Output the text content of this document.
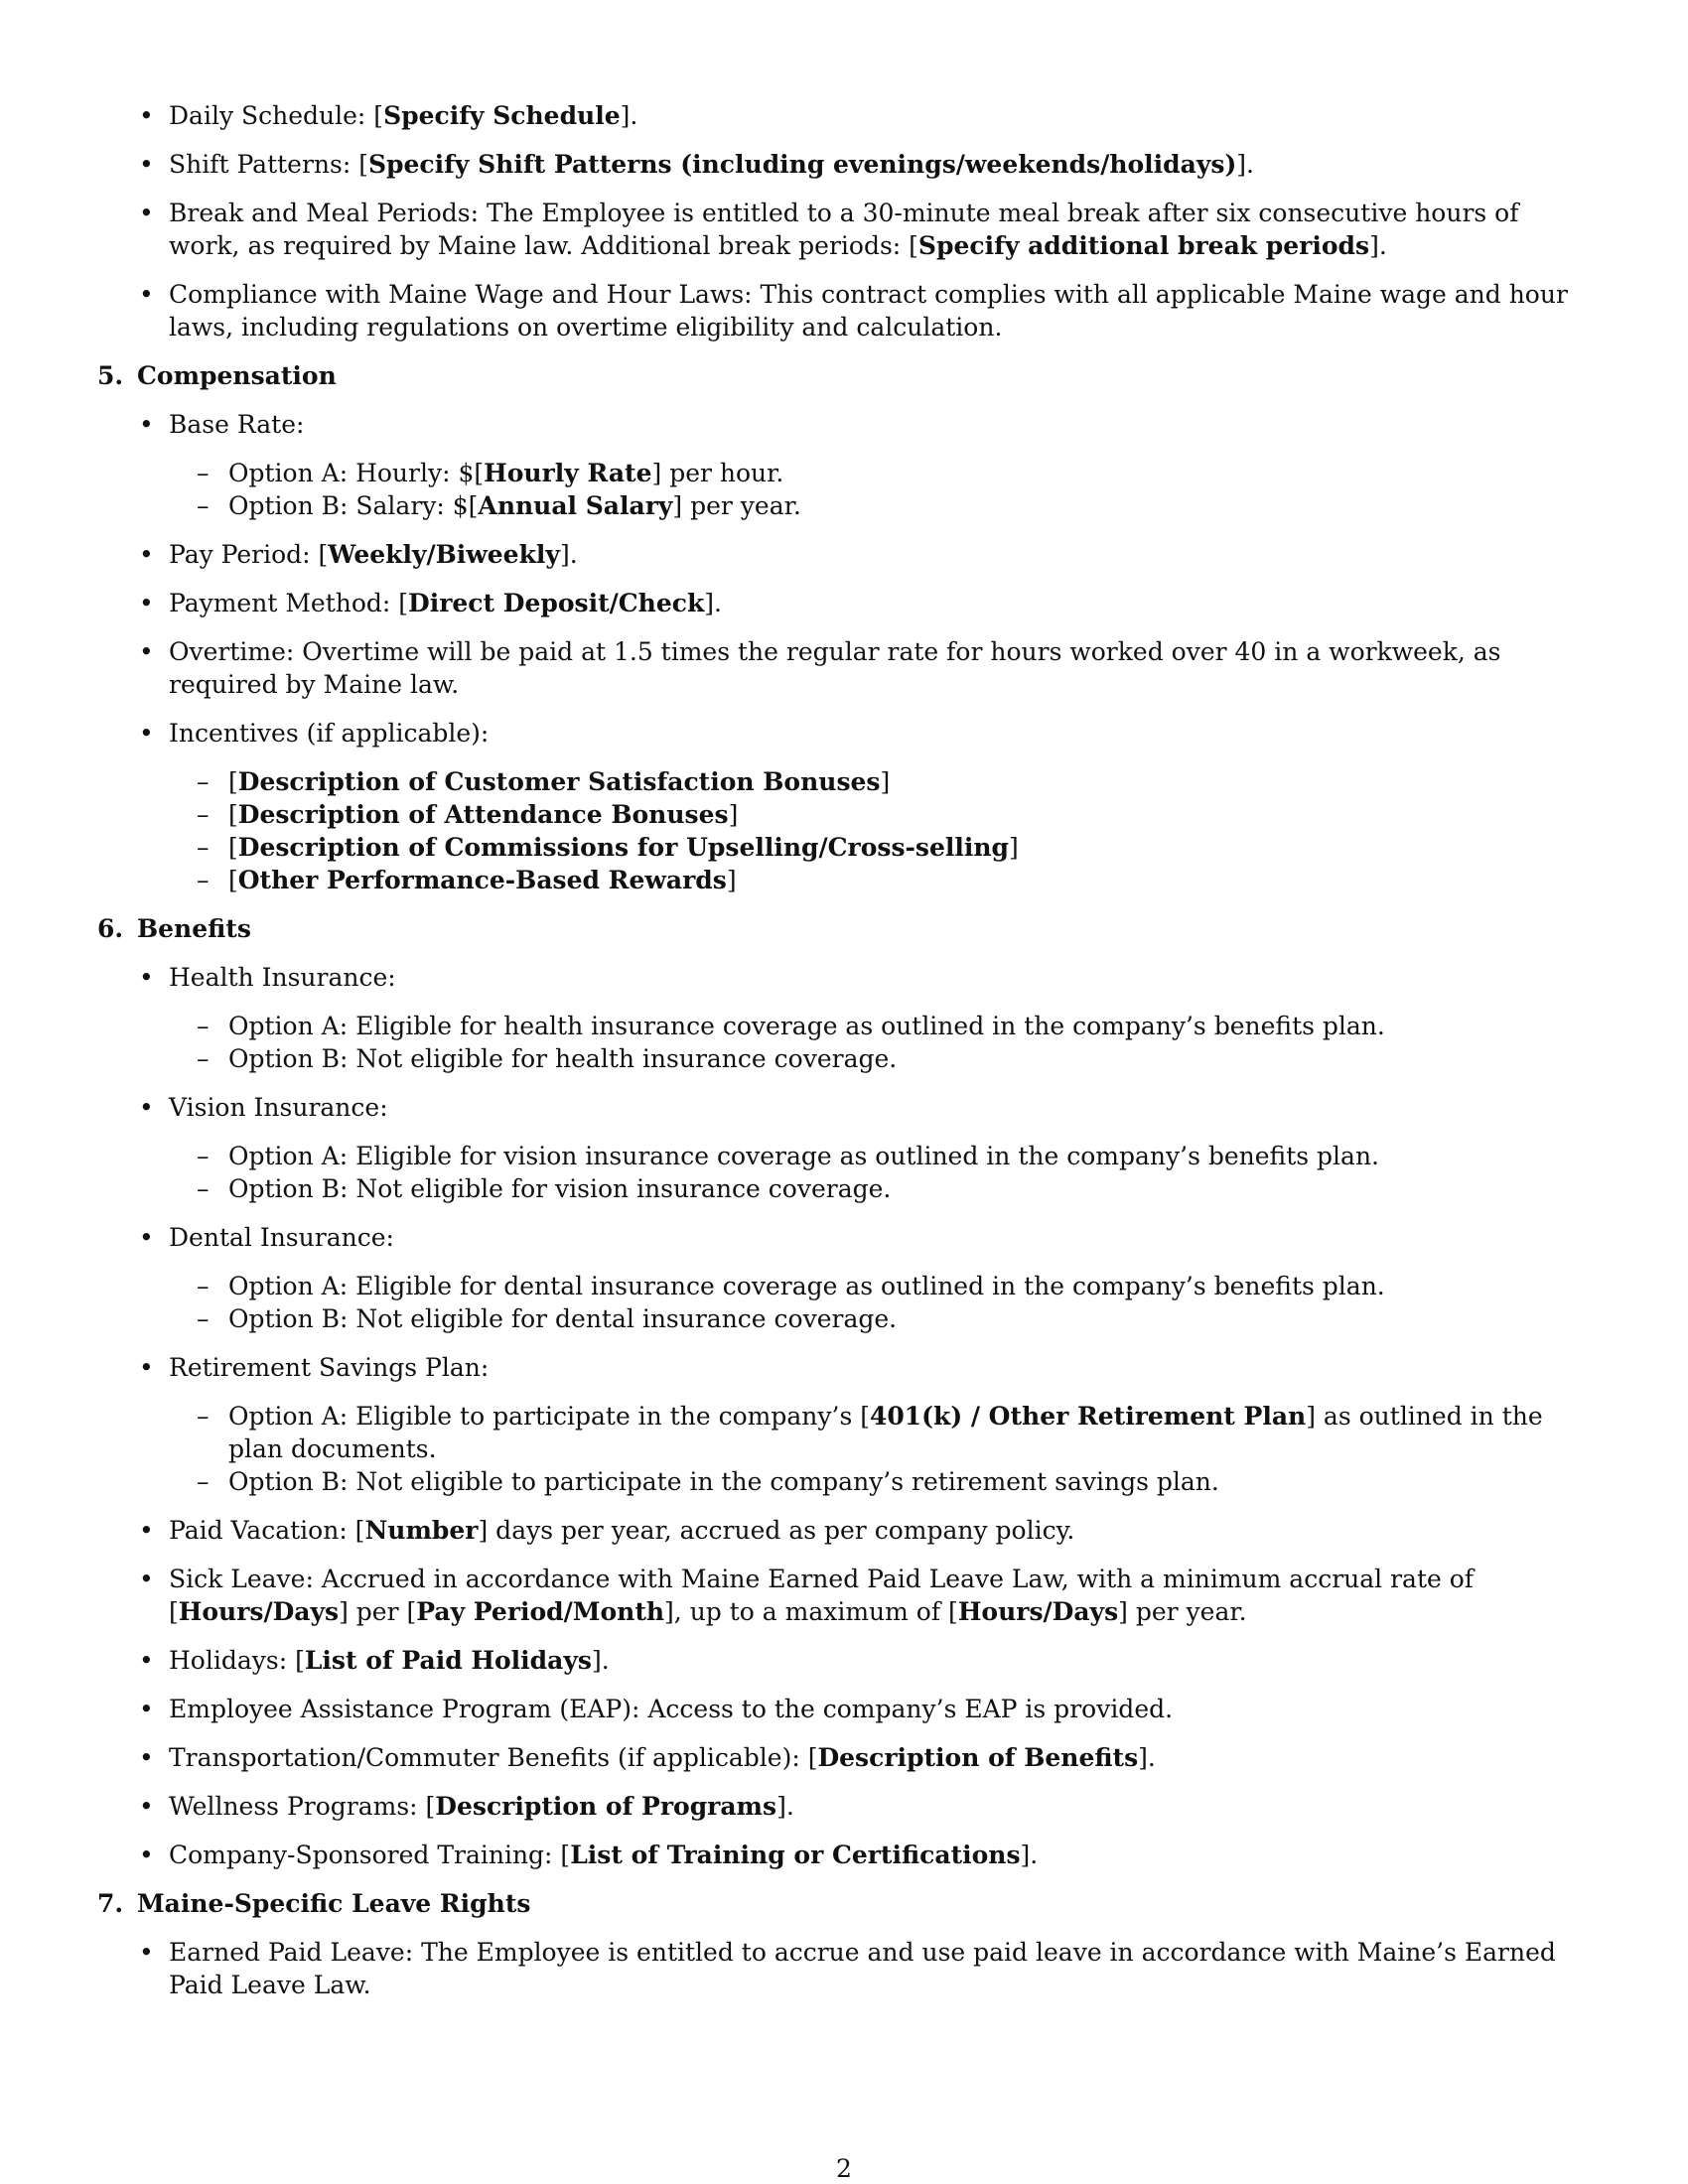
• Daily Schedule: [Specify Schedule].
• Shift Patterns: [Specify Shift Patterns (including evenings/weekends/holidays)].
• Break and Meal Periods: The Employee is entitled to a 30-minute meal break after six consecutive hours of work, as required by Maine law. Additional break periods: [Specify additional break periods].
• Compliance with Maine Wage and Hour Laws: This contract complies with all applicable Maine wage and hour laws, including regulations on overtime eligibility and calculation.
5. Compensation
• Base Rate:
– Option A: Hourly: $[Hourly Rate] per hour.
– Option B: Salary: $[Annual Salary] per year.
• Pay Period: [Weekly/Biweekly].
• Payment Method: [Direct Deposit/Check].
• Overtime: Overtime will be paid at 1.5 times the regular rate for hours worked over 40 in a workweek, as required by Maine law.
• Incentives (if applicable):
– [Description of Customer Satisfaction Bonuses]
– [Description of Attendance Bonuses]
– [Description of Commissions for Upselling/Cross-selling]
– [Other Performance-Based Rewards]
6. Benefits
• Health Insurance:
– Option A: Eligible for health insurance coverage as outlined in the company’s benefits plan.
– Option B: Not eligible for health insurance coverage.
• Vision Insurance:
– Option A: Eligible for vision insurance coverage as outlined in the company’s benefits plan.
– Option B: Not eligible for vision insurance coverage.
• Dental Insurance:
– Option A: Eligible for dental insurance coverage as outlined in the company’s benefits plan.
– Option B: Not eligible for dental insurance coverage.
• Retirement Savings Plan:
– Option A: Eligible to participate in the company’s [401(k) / Other Retirement Plan] as outlined in the plan documents.
– Option B: Not eligible to participate in the company’s retirement savings plan.
• Paid Vacation: [Number] days per year, accrued as per company policy.
• Sick Leave: Accrued in accordance with Maine Earned Paid Leave Law, with a minimum accrual rate of [Hours/Days] per [Pay Period/Month], up to a maximum of [Hours/Days] per year.
• Holidays: [List of Paid Holidays].
• Employee Assistance Program (EAP): Access to the company’s EAP is provided.
• Transportation/Commuter Benefits (if applicable): [Description of Benefits].
• Wellness Programs: [Description of Programs].
• Company-Sponsored Training: [List of Training or Certifications].
7. Maine-Specific Leave Rights
• Earned Paid Leave: The Employee is entitled to accrue and use paid leave in accordance with Maine’s Earned Paid Leave Law.
2
